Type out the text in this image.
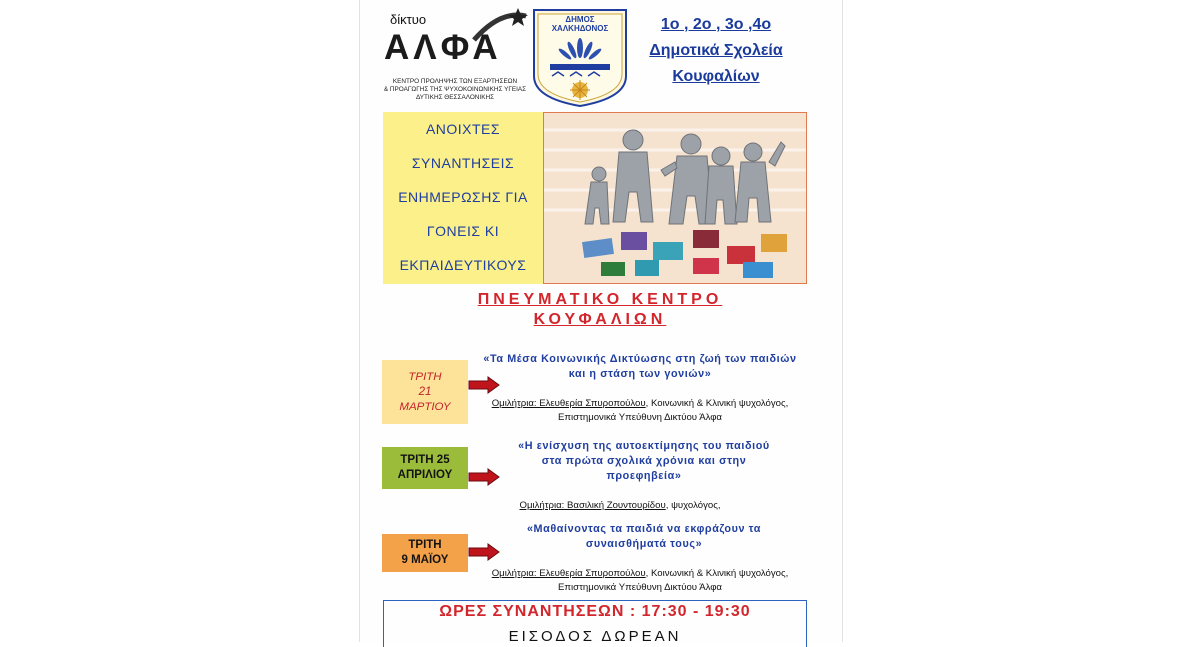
δίκτυο
ΑΛΦΑ
ΚΕΝΤΡΟ ΠΡΟΛΗΨΗΣ ΤΩΝ ΕΞΑΡΤΗΣΕΩΝ
& ΠΡΟΑΓΩΓΗΣ ΤΗΣ ΨΥΧΟΚΟΙΝΩΝΙΚΗΣ ΥΓΕΙΑΣ
ΔΥΤΙΚΗΣ ΘΕΣΣΑΛΟΝΙΚΗΣ
ΔΗΜΟΣ
ΧΑΛΚΗΔΟΝΟΣ	1ο , 2ο , 3ο ,4ο
Δημοτικά Σχολεία
Κουφαλίων
ΑΝΟΙΧΤΕΣ
ΣΥΝΑΝΤΗΣΕΙΣ
ΕΝΗΜΕΡΩΣΗΣ ΓΙΑ
ΓΟΝΕΙΣ ΚΙ
ΕΚΠΑΙΔΕΥΤΙΚΟΥΣ
ΠΝΕΥΜΑΤΙΚΟ ΚΕΝΤΡΟ
ΚΟΥΦΑΛΙΩΝ
ΤΡΙΤΗ
21
ΜΑΡΤΙΟΥ
«Τα Μέσα Κοινωνικής Δικτύωσης στη ζωή των παιδιών
και η στάση των γονιών»
Ομιλήτρια: Ελευθερία Σπυροπούλου, Κοινωνική & Κλινική ψυχολόγος,
Επιστημονικά Υπεύθυνη Δικτύου Άλφα
ΤΡΙΤΗ 25
ΑΠΡΙΛΙΟΥ
«Η ενίσχυση της αυτοεκτίμησης του παιδιού
στα πρώτα σχολικά χρόνια και στην
προεφηβεία»
Ομιλήτρια: Βασιλική Ζουντουρίδου, ψυχολόγος,
ΤΡΙΤΗ
9 ΜΑΪΟΥ
«Μαθαίνοντας τα παιδιά να εκφράζουν τα
συναισθήματά τους»
Ομιλήτρια: Ελευθερία Σπυροπούλου, Κοινωνική & Κλινική ψυχολόγος,
Επιστημονικά Υπεύθυνη Δικτύου Άλφα
ΩΡΕΣ ΣΥΝΑΝΤΗΣΕΩΝ : 17:30 - 19:30
ΕΙΣΟΔΟΣ ΔΩΡΕΑΝ
